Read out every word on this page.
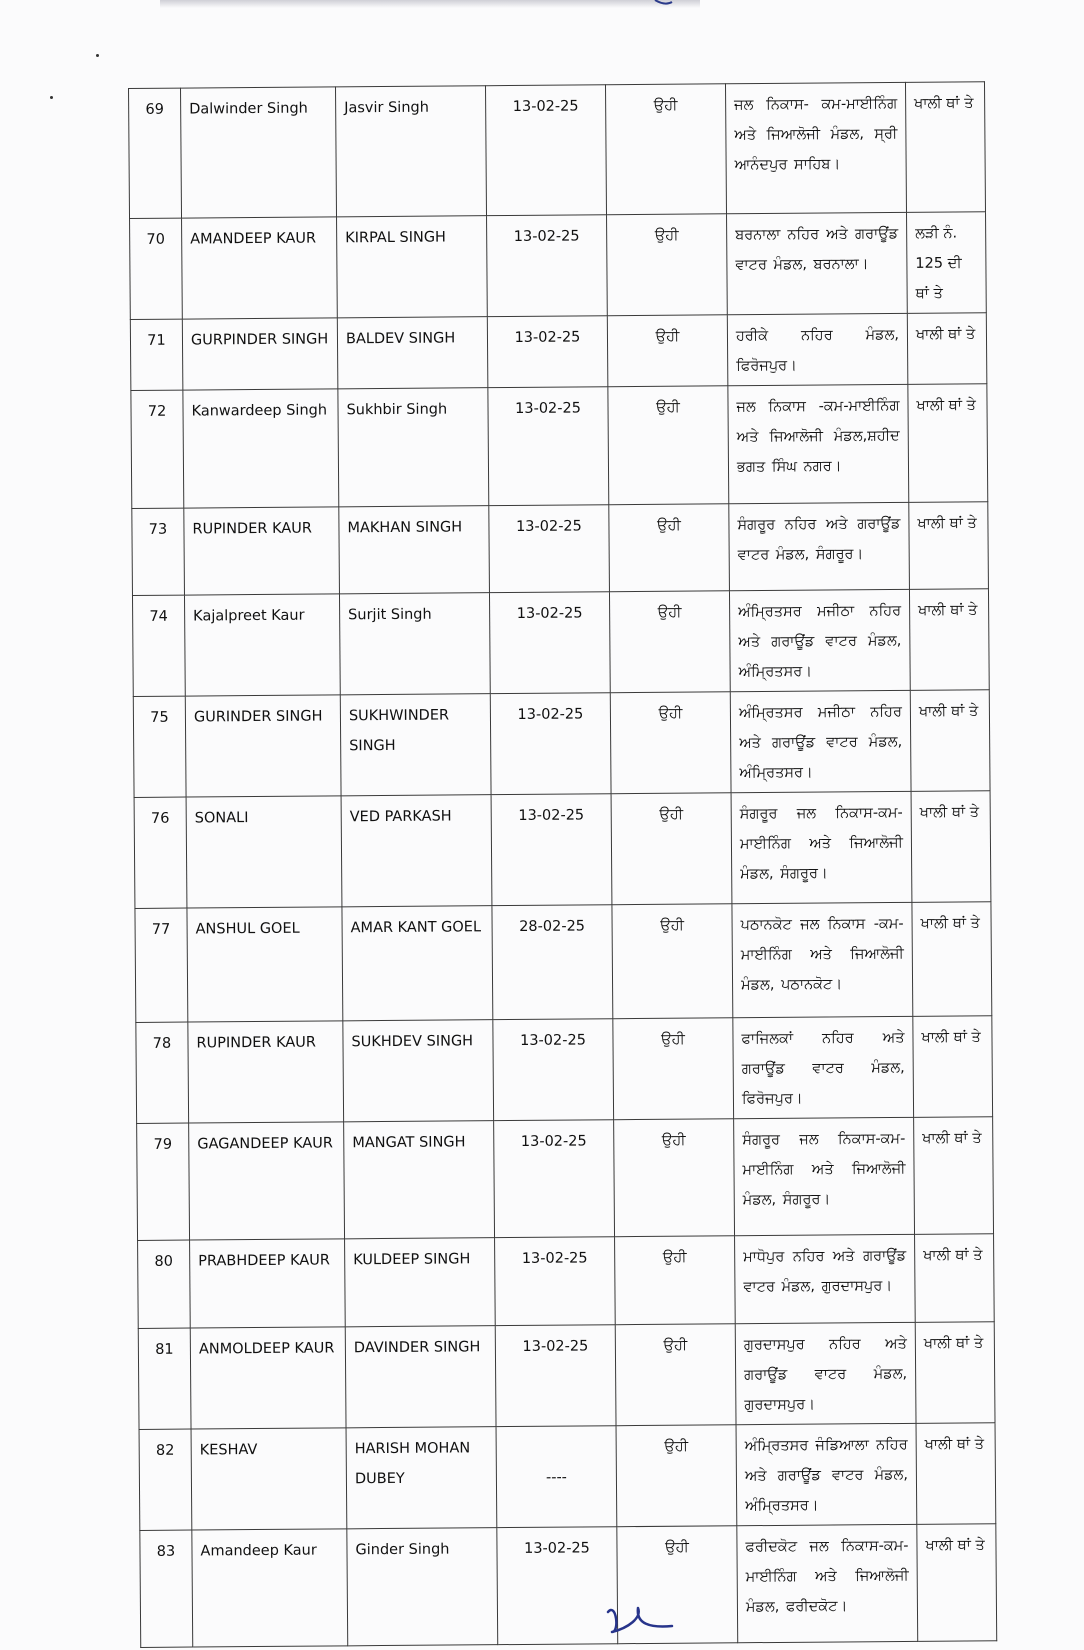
69	Dalwinder Singh	Jasvir Singh	13-02-25	ਉਹੀ	ਜਲ ਨਿਕਾਸ- ਕਮ-ਮਾਈਨਿੰਗ ਅਤੇ ਜਿਆਲੋਜੀ ਮੰਡਲ, ਸ੍ਰੀ ਆਨੰਦਪੁਰ ਸਾਹਿਬ।	ਖਾਲੀ ਥਾਂ ਤੇ
70	AMANDEEP KAUR	KIRPAL SINGH	13-02-25	ਉਹੀ	ਬਰਨਾਲਾ ਨਹਿਰ ਅਤੇ ਗਰਾਊਂਡ ਵਾਟਰ ਮੰਡਲ, ਬਰਨਾਲਾ।	ਲੜੀ ਨੰ. 125 ਦੀ ਥਾਂ ਤੇ
71	GURPINDER SINGH	BALDEV SINGH	13-02-25	ਉਹੀ	ਹਰੀਕੇ ਨਹਿਰ ਮੰਡਲ, ਫਿਰੋਜਪੁਰ।	ਖਾਲੀ ਥਾਂ ਤੇ
72	Kanwardeep Singh	Sukhbir Singh	13-02-25	ਉਹੀ	ਜਲ ਨਿਕਾਸ -ਕਮ-ਮਾਈਨਿੰਗ ਅਤੇ ਜਿਆਲੋਜੀ ਮੰਡਲ,ਸ਼ਹੀਦ ਭਗਤ ਸਿੰਘ ਨਗਰ।	ਖਾਲੀ ਥਾਂ ਤੇ
73	RUPINDER KAUR	MAKHAN SINGH	13-02-25	ਉਹੀ	ਸੰਗਰੂਰ ਨਹਿਰ ਅਤੇ ਗਰਾਊਂਡ ਵਾਟਰ ਮੰਡਲ, ਸੰਗਰੂਰ।	ਖਾਲੀ ਥਾਂ ਤੇ
74	Kajalpreet Kaur	Surjit Singh	13-02-25	ਉਹੀ	ਅੰਮ੍ਰਿਤਸਰ ਮਜੀਠਾ ਨਹਿਰ ਅਤੇ ਗਰਾਊਂਡ ਵਾਟਰ ਮੰਡਲ, ਅੰਮ੍ਰਿਤਸਰ।	ਖਾਲੀ ਥਾਂ ਤੇ
75	GURINDER SINGH	SUKHWINDER SINGH	13-02-25	ਉਹੀ	ਅੰਮ੍ਰਿਤਸਰ ਮਜੀਠਾ ਨਹਿਰ ਅਤੇ ਗਰਾਊਂਡ ਵਾਟਰ ਮੰਡਲ, ਅੰਮ੍ਰਿਤਸਰ।	ਖਾਲੀ ਥਾਂ ਤੇ
76	SONALI	VED PARKASH	13-02-25	ਉਹੀ	ਸੰਗਰੂਰ ਜਲ ਨਿਕਾਸ-ਕਮ-ਮਾਈਨਿੰਗ ਅਤੇ ਜਿਆਲੋਜੀ ਮੰਡਲ, ਸੰਗਰੂਰ।	ਖਾਲੀ ਥਾਂ ਤੇ
77	ANSHUL GOEL	AMAR KANT GOEL	28-02-25	ਉਹੀ	ਪਠਾਨਕੋਟ ਜਲ ਨਿਕਾਸ -ਕਮ- ਮਾਈਨਿੰਗ ਅਤੇ ਜਿਆਲੋਜੀ ਮੰਡਲ, ਪਠਾਨਕੋਟ।	ਖਾਲੀ ਥਾਂ ਤੇ
78	RUPINDER KAUR	SUKHDEV SINGH	13-02-25	ਉਹੀ	ਫਾਜਿਲਕਾਂ ਨਹਿਰ ਅਤੇ ਗਰਾਊਂਡ ਵਾਟਰ ਮੰਡਲ, ਫਿਰੋਜਪੁਰ।	ਖਾਲੀ ਥਾਂ ਤੇ
79	GAGANDEEP KAUR	MANGAT SINGH	13-02-25	ਉਹੀ	ਸੰਗਰੂਰ ਜਲ ਨਿਕਾਸ-ਕਮ-ਮਾਈਨਿੰਗ ਅਤੇ ਜਿਆਲੋਜੀ ਮੰਡਲ, ਸੰਗਰੂਰ।	ਖਾਲੀ ਥਾਂ ਤੇ
80	PRABHDEEP KAUR	KULDEEP SINGH	13-02-25	ਉਹੀ	ਮਾਧੋਪੁਰ ਨਹਿਰ ਅਤੇ ਗਰਾਊਂਡ ਵਾਟਰ ਮੰਡਲ, ਗੁਰਦਾਸਪੁਰ।	ਖਾਲੀ ਥਾਂ ਤੇ
81	ANMOLDEEP KAUR	DAVINDER SINGH	13-02-25	ਉਹੀ	ਗੁਰਦਾਸਪੁਰ ਨਹਿਰ ਅਤੇ ਗਰਾਊਂਡ ਵਾਟਰ ਮੰਡਲ, ਗੁਰਦਾਸਪੁਰ।	ਖਾਲੀ ਥਾਂ ਤੇ
82	KESHAV	HARISH MOHAN DUBEY	----	ਉਹੀ	ਅੰਮ੍ਰਿਤਸਰ ਜੰਡਿਆਲਾ ਨਹਿਰ ਅਤੇ ਗਰਾਊਂਡ ਵਾਟਰ ਮੰਡਲ, ਅੰਮ੍ਰਿਤਸਰ।	ਖਾਲੀ ਥਾਂ ਤੇ
83	Amandeep Kaur	Ginder Singh	13-02-25	ਉਹੀ	ਫਰੀਦਕੋਟ ਜਲ ਨਿਕਾਸ-ਕਮ-ਮਾਈਨਿੰਗ ਅਤੇ ਜਿਆਲੋਜੀ ਮੰਡਲ, ਫਰੀਦਕੋਟ।	ਖਾਲੀ ਥਾਂ ਤੇ
